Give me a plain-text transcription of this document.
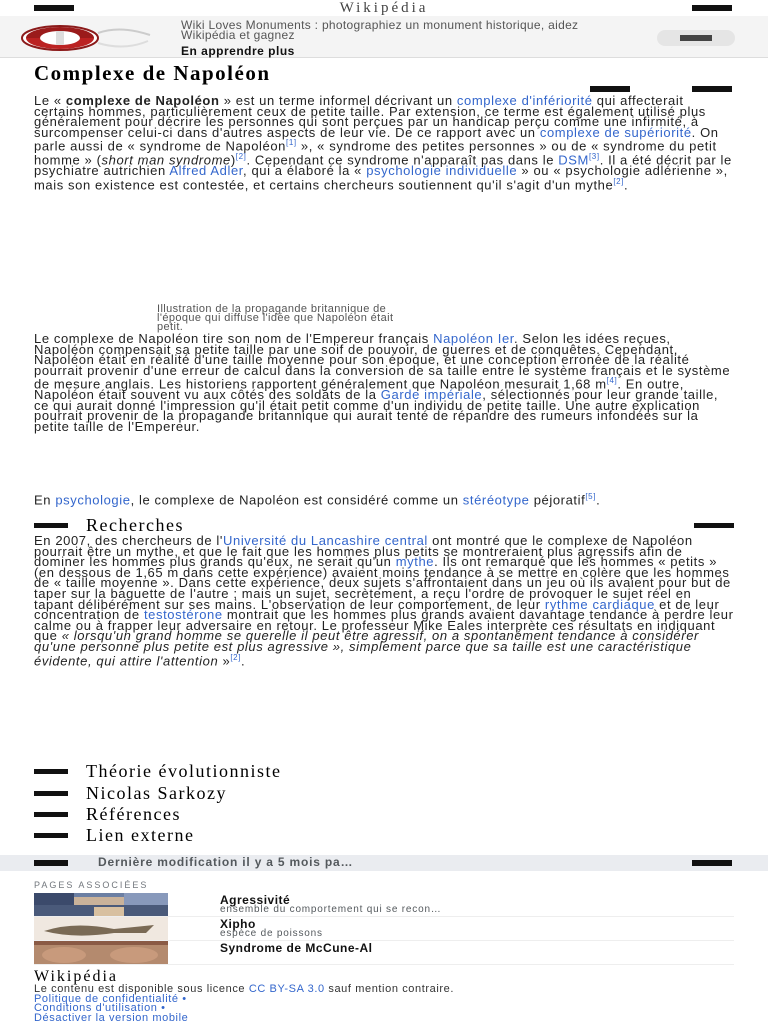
Wikipédia
Wiki Loves Monuments : photographiez un monument historique, aidez Wikipédia et gagnez
En apprendre plus
Complexe de Napoléon

Le « complexe de Napoléon » est un terme informel décrivant un complexe d'infériorité qui affecterait certains hommes, particulièrement ceux de petite taille. Par extension, ce terme est également utilisé plus généralement pour décrire les personnes qui sont perçues par un handicap perçu comme une infirmité, à surcompenser celui-ci dans d'autres aspects de leur vie. De ce rapport avec un complexe de supériorité. On parle aussi de « syndrome de Napoléon[1] », « syndrome des petites personnes » ou de « syndrome du petit homme » (short man syndrome)[2]. Cependant ce syndrome n'apparaît pas dans le DSM[3]. Il a été décrit par le psychiatre autrichien Alfred Adler, qui a élaboré la « psychologie individuelle » ou « psychologie adlérienne », mais son existence est contestée, et certains chercheurs soutiennent qu'il s'agit d'un mythe[2].

Illustration de la propagande britannique de l'époque qui diffuse l'idée que Napoléon était petit.

Le complexe de Napoléon tire son nom de l'Empereur français Napoléon Ier. Selon les idées reçues, Napoléon compensait sa petite taille par une soif de pouvoir, de guerres et de conquêtes. Cependant, Napoléon était en réalité d'une taille moyenne pour son époque, et une conception erronée de la réalité pourrait provenir d'une erreur de calcul dans la conversion de sa taille entre le système français et le système de mesure anglais. Les historiens rapportent généralement que Napoléon mesurait 1,68 m[4]. En outre, Napoléon était souvent vu aux côtés des soldats de la Garde impériale, sélectionnés pour leur grande taille, ce qui aurait donné l'impression qu'il était petit comme d'un individu de petite taille. Une autre explication pourrait provenir de la propagande britannique qui aurait tenté de répandre des rumeurs infondées sur la petite taille de l'Empereur.

En psychologie, le complexe de Napoléon est considéré comme un stéréotype péjoratif[5].

Recherches

En 2007, des chercheurs de l'Université du Lancashire central ont montré que le complexe de Napoléon pourrait être un mythe, et que le fait que les hommes plus petits se montreraient plus agressifs afin de dominer les hommes plus grands qu'eux, ne serait qu'un mythe. Ils ont remarqué que les hommes « petits » (en dessous de 1,65 m dans cette expérience) avaient moins tendance à se mettre en colère que les hommes de « taille moyenne ». Dans cette expérience, deux sujets s'affrontaient dans un jeu où ils avaient pour but de taper sur la baguette de l'autre ; mais un sujet, secrètement, a reçu l'ordre de provoquer le sujet réel en tapant délibérément sur ses mains. L'observation de leur comportement, de leur rythme cardiaque et de leur concentration de testostérone montrait que les hommes plus grands avaient davantage tendance à perdre leur calme ou à frapper leur adversaire en retour. Le professeur Mike Eales interprète ces résultats en indiquant que « lorsqu'un grand homme se querelle il peut être agressif, on a spontanément tendance à considérer qu'une personne plus petite est plus agressive », simplement parce que sa taille est une caractéristique évidente, qui attire l'attention »[2].

Théorie évolutionniste
Nicolas Sarkozy
Références
Lien externe
Dernière modification il y a 5 mois pa…
PAGES ASSOCIÉES
Agressivité
ensemble du comportement qui se recon…
Xipho
espèce de poissons
Syndrome de McCune-Al
Wikipédia
Le contenu est disponible sous licence CC BY-SA 3.0 sauf mention contraire.
Politique de confidentialité •
Conditions d'utilisation •
Désactiver la version mobile
